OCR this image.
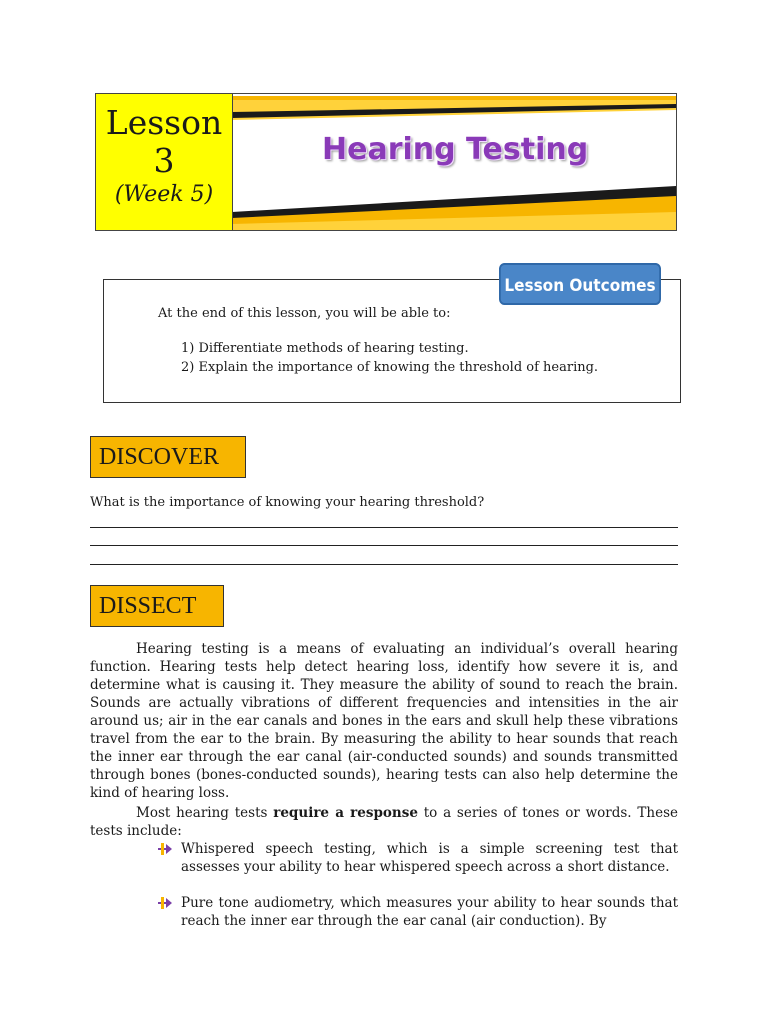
Lesson
3
(Week 5)
Hearing Testing
Lesson Outcomes
At the end of this lesson, you will be able to:
1) Differentiate methods of hearing testing.
2) Explain the importance of knowing the threshold of hearing.
DISCOVER
What is the importance of knowing your hearing threshold?
DISSECT
Hearing testing is a means of evaluating an individual’s overall hearing function. Hearing tests help detect hearing loss, identify how severe it is, and determine what is causing it. They measure the ability of sound to reach the brain. Sounds are actually vibrations of different frequencies and intensities in the air around us; air in the ear canals and bones in the ears and skull help these vibrations travel from the ear to the brain. By measuring the ability to hear sounds that reach the inner ear through the ear canal (air-conducted sounds) and sounds transmitted through bones (bones-conducted sounds), hearing tests can also help determine the kind of hearing loss.
Most hearing tests require a response to a series of tones or words. These tests include:
Whispered speech testing, which is a simple screening test that assesses your ability to hear whispered speech across a short distance.
Pure tone audiometry, which measures your ability to hear sounds that reach the inner ear through the ear canal (air conduction). By
